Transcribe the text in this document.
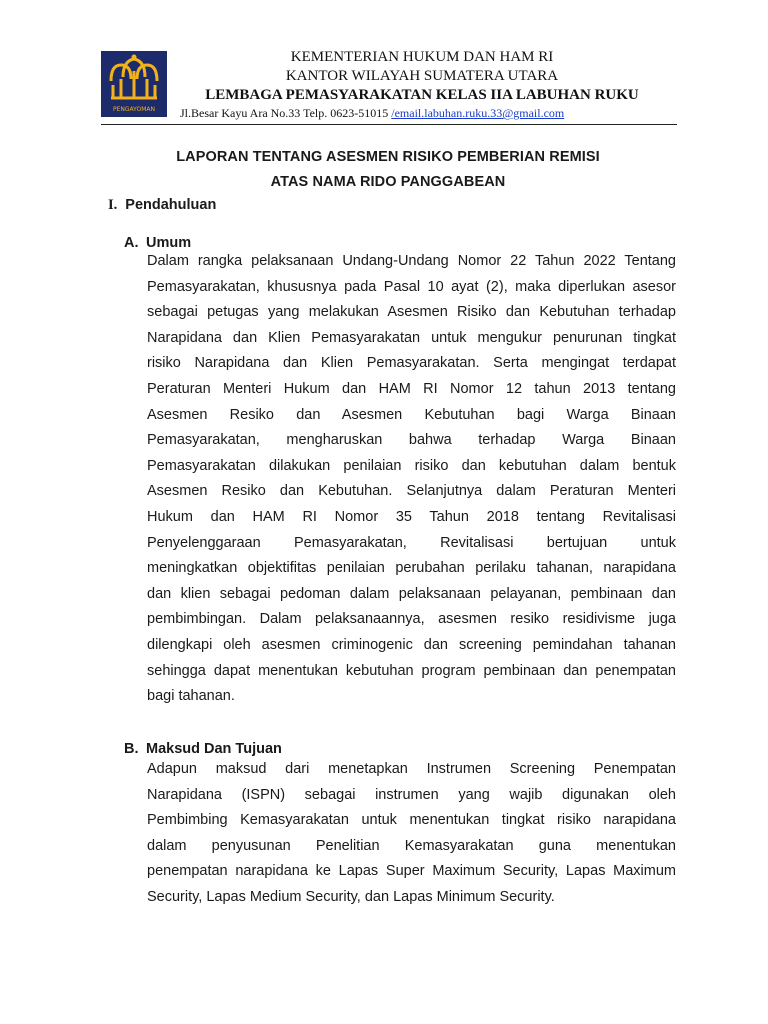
PENGAYOMAN
KEMENTERIAN HUKUM DAN HAM RI
KANTOR WILAYAH SUMATERA UTARA
LEMBAGA PEMASYARAKATAN KELAS IIA LABUHAN RUKU
Jl.Besar Kayu Ara No.33 Telp. 0623-51015 /email.labuhan.ruku.33@gmail.com
LAPORAN TENTANG ASESMEN RISIKO PEMBERIAN REMISI
ATAS NAMA RIDO PANGGABEAN
I. Pendahuluan
A. Umum
Dalam rangka pelaksanaan Undang-Undang Nomor 22 Tahun 2022 Tentang
Pemasyarakatan, khususnya pada Pasal 10 ayat (2), maka diperlukan asesor
sebagai petugas yang melakukan Asesmen Risiko dan Kebutuhan terhadap
Narapidana dan Klien Pemasyarakatan untuk mengukur penurunan tingkat
risiko Narapidana dan Klien Pemasyarakatan. Serta mengingat terdapat
Peraturan Menteri Hukum dan HAM RI Nomor 12 tahun 2013 tentang
Asesmen Resiko dan Asesmen Kebutuhan bagi Warga Binaan
Pemasyarakatan, mengharuskan bahwa terhadap Warga Binaan
Pemasyarakatan dilakukan penilaian risiko dan kebutuhan dalam bentuk
Asesmen Resiko dan Kebutuhan. Selanjutnya dalam Peraturan Menteri
Hukum dan HAM RI Nomor 35 Tahun 2018 tentang Revitalisasi
Penyelenggaraan Pemasyarakatan, Revitalisasi bertujuan untuk
meningkatkan objektifitas penilaian perubahan perilaku tahanan, narapidana
dan klien sebagai pedoman dalam pelaksanaan pelayanan, pembinaan dan
pembimbingan. Dalam pelaksanaannya, asesmen resiko residivisme juga
dilengkapi oleh asesmen criminogenic dan screening pemindahan tahanan
sehingga dapat menentukan kebutuhan program pembinaan dan penempatan
bagi tahanan.
B. Maksud Dan Tujuan
Adapun maksud dari menetapkan Instrumen Screening Penempatan
Narapidana (ISPN) sebagai instrumen yang wajib digunakan oleh
Pembimbing Kemasyarakatan untuk menentukan tingkat risiko narapidana
dalam penyusunan Penelitian Kemasyarakatan guna menentukan
penempatan narapidana ke Lapas Super Maximum Security, Lapas Maximum
Security, Lapas Medium Security, dan Lapas Minimum Security.
